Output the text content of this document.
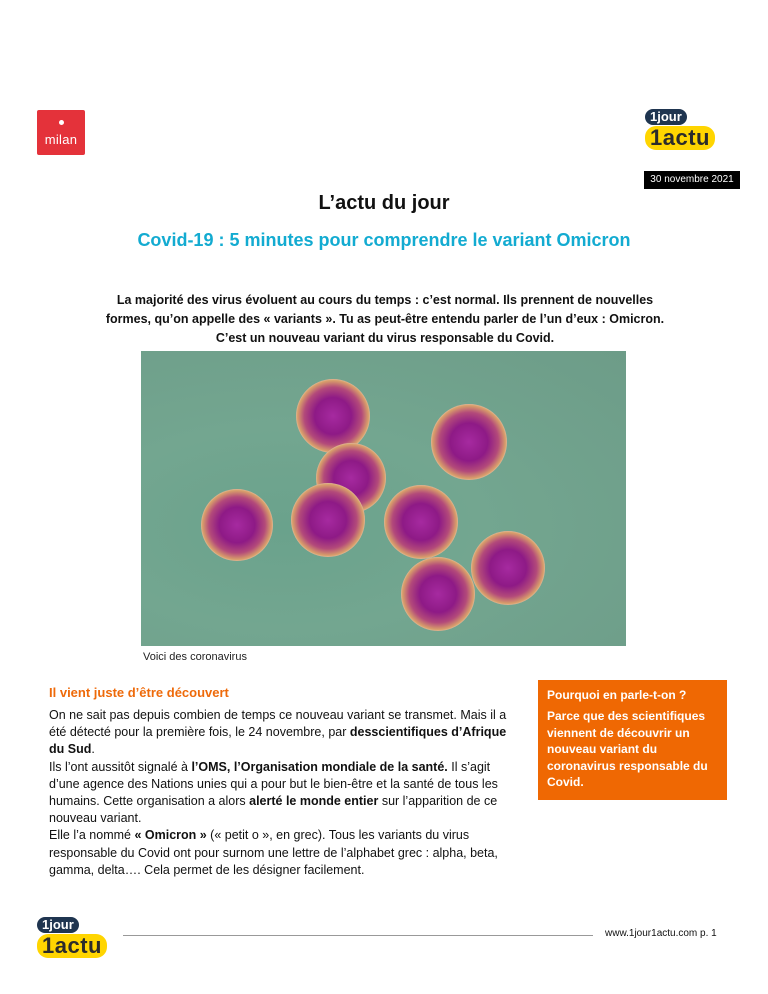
milan
1jour
1actu
30 novembre 2021
L’actu du jour
Covid-19 : 5 minutes pour comprendre le variant Omicron
La majorité des virus évoluent au cours du temps : c’est normal. Ils prennent de nouvelles formes, qu’on appelle des « variants ». Tu as peut-être entendu parler de l’un d’eux : Omicron. C’est un nouveau variant du virus responsable du Covid.
Voici des coronavirus
Il vient juste d’être découvert

On ne sait pas depuis combien de temps ce nouveau variant se transmet. Mais il a été détecté pour la première fois, le 24 novembre, par desscientifiques d’Afrique du Sud.

Ils l’ont aussitôt signalé à l’OMS, l’Organisation mondiale de la santé. Il s’agit d’une agence des Nations unies qui a pour but le bien-être et la santé de tous les humains. Cette organisation a alors alerté le monde entier sur l’apparition de ce nouveau variant.

Elle l’a nommé « Omicron » (« petit o », en grec). Tous les variants du virus responsable du Covid ont pour surnom une lettre de l’alphabet grec : alpha, beta, gamma, delta…. Cela permet de les désigner facilement.

Pourquoi en parle-t-on ?
Parce que des scientifiques viennent de découvrir un nouveau variant du coronavirus responsable du Covid.
1jour
1actu	www.1jour1actu.com p. 1
